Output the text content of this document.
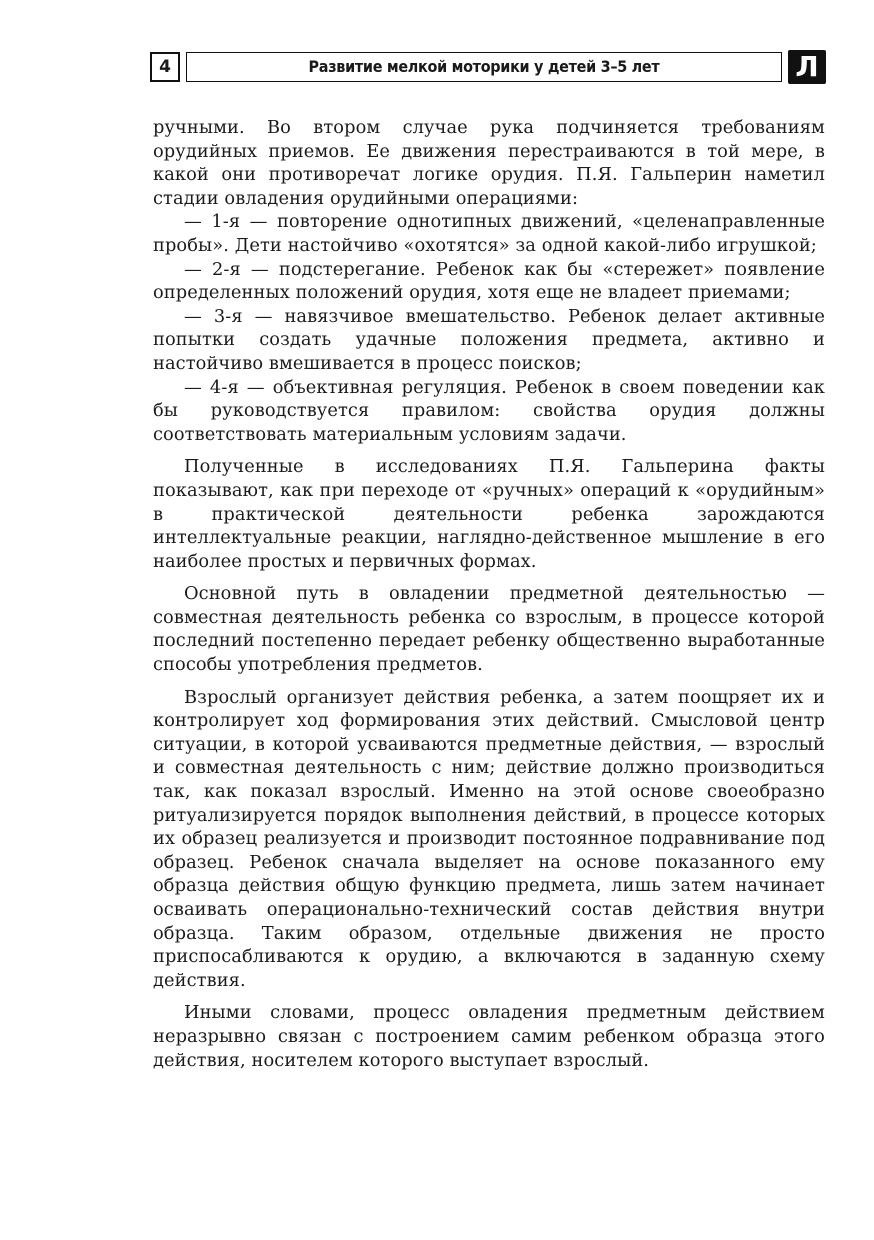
4	Развитие мелкой моторики у детей 3–5 лет	Л

ручными. Во втором случае рука подчиняется требованиям орудийных приемов. Ее движения перестраиваются в той мере, в какой они противоречат логике орудия. П.Я. Гальперин наметил стадии овладения орудийными операциями:

— 1-я — повторение однотипных движений, «целенаправленные пробы». Дети настойчиво «охотятся» за одной какой-либо игрушкой;

— 2-я — подстерегание. Ребенок как бы «стережет» появление определенных положений орудия, хотя еще не владеет приемами;

— 3-я — навязчивое вмешательство. Ребенок делает активные попытки создать удачные положения предмета, активно и настойчиво вмешивается в процесс поисков;

— 4-я — объективная регуляция. Ребенок в своем поведении как бы руководствуется правилом: свойства орудия должны соответствовать материальным условиям задачи.

Полученные в исследованиях П.Я. Гальперина факты показывают, как при переходе от «ручных» операций к «орудийным» в практической деятельности ребенка зарождаются интеллектуальные реакции, наглядно-действенное мышление в его наиболее простых и первичных формах.

Основной путь в овладении предметной деятельностью — совместная деятельность ребенка со взрослым, в процессе которой последний постепенно передает ребенку общественно выработанные способы употребления предметов.

Взрослый организует действия ребенка, а затем поощряет их и контролирует ход формирования этих действий. Смысловой центр ситуации, в которой усваиваются предметные действия, — взрослый и совместная деятельность с ним; действие должно производиться так, как показал взрослый. Именно на этой основе своеобразно ритуализируется порядок выполнения действий, в процессе которых их образец реализуется и производит постоянное подравнивание под образец. Ребенок сначала выделяет на основе показанного ему образца действия общую функцию предмета, лишь затем начинает осваивать операционально-технический состав действия внутри образца. Таким образом, отдельные движения не просто приспосабливаются к орудию, а включаются в заданную схему действия.

Иными словами, процесс овладения предметным действием неразрывно связан с построением самим ребенком образца этого действия, носителем которого выступает взрослый.
